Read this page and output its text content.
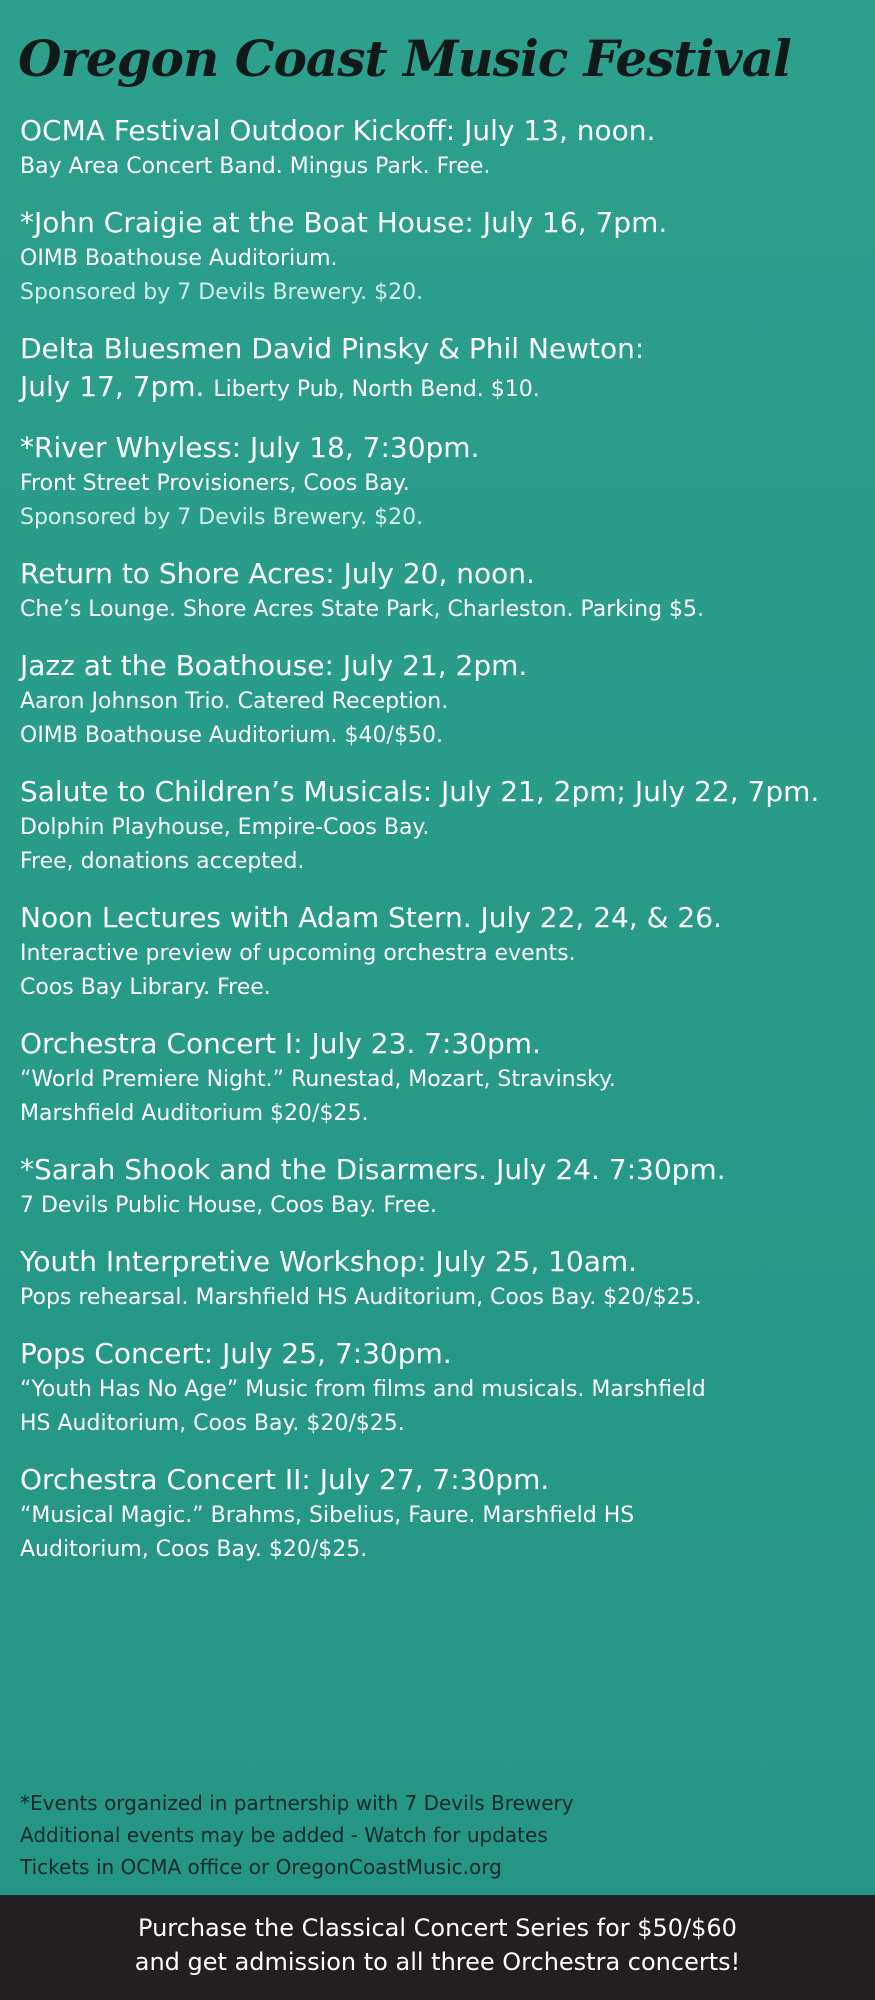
Oregon Coast Music Festival
OCMA Festival Outdoor Kickoff: July 13, noon.
Bay Area Concert Band. Mingus Park. Free.
*John Craigie at the Boat House: July 16, 7pm.
OIMB Boathouse Auditorium.
Sponsored by 7 Devils Brewery. $20.
Delta Bluesmen David Pinsky & Phil Newton:
July 17, 7pm. Liberty Pub, North Bend. $10.
*River Whyless: July 18, 7:30pm.
Front Street Provisioners, Coos Bay.
Sponsored by 7 Devils Brewery. $20.
Return to Shore Acres: July 20, noon.
Che’s Lounge. Shore Acres State Park, Charleston. Parking $5.
Jazz at the Boathouse: July 21, 2pm.
Aaron Johnson Trio. Catered Reception.
OIMB Boathouse Auditorium. $40/$50.
Salute to Children’s Musicals: July 21, 2pm; July 22, 7pm.
Dolphin Playhouse, Empire-Coos Bay.
Free, donations accepted.
Noon Lectures with Adam Stern. July 22, 24, & 26.
Interactive preview of upcoming orchestra events.
Coos Bay Library. Free.
Orchestra Concert I: July 23. 7:30pm.
“World Premiere Night.” Runestad, Mozart, Stravinsky.
Marshfield Auditorium $20/$25.
*Sarah Shook and the Disarmers. July 24. 7:30pm.
7 Devils Public House, Coos Bay. Free.
Youth Interpretive Workshop: July 25, 10am.
Pops rehearsal. Marshfield HS Auditorium, Coos Bay. $20/$25.
Pops Concert: July 25, 7:30pm.
“Youth Has No Age” Music from films and musicals. Marshfield
HS Auditorium, Coos Bay. $20/$25.
Orchestra Concert II: July 27, 7:30pm.
“Musical Magic.” Brahms, Sibelius, Faure. Marshfield HS
Auditorium, Coos Bay. $20/$25.
*Events organized in partnership with 7 Devils Brewery
Additional events may be added - Watch for updates
Tickets in OCMA office or OregonCoastMusic.org
Purchase the Classical Concert Series for $50/$60
and get admission to all three Orchestra concerts!
